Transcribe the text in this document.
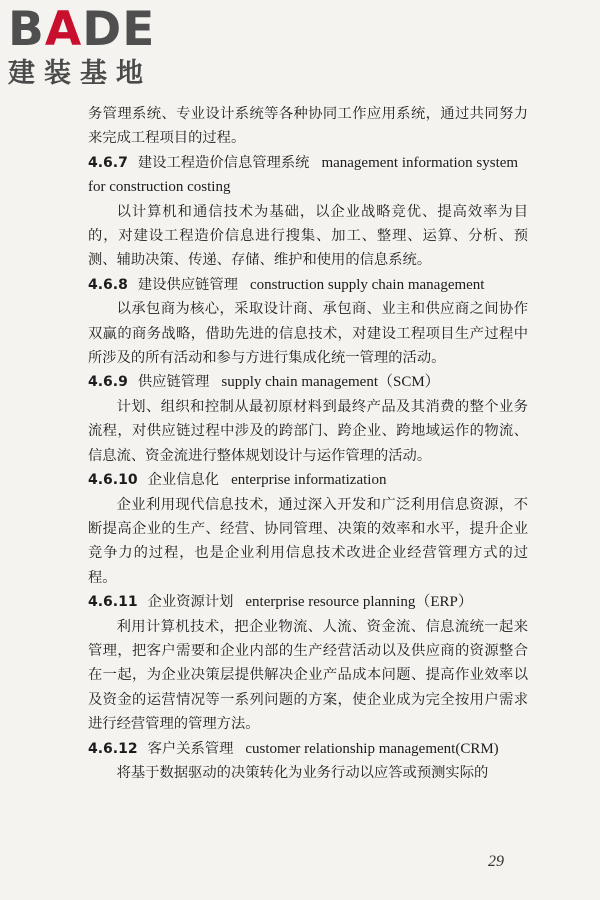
BADE
建装基地

务管理系统、专业设计系统等各种协同工作应用系统，通过共同努力来完成工程项目的过程。

4.6.7 建设工程造价信息管理系统 management information system for construction costing

以计算机和通信技术为基础，以企业战略竞优、提高效率为目的，对建设工程造价信息进行搜集、加工、整理、运算、分析、预测、辅助决策、传递、存储、维护和使用的信息系统。

4.6.8 建设供应链管理 construction supply chain management

以承包商为核心，采取设计商、承包商、业主和供应商之间协作双赢的商务战略，借助先进的信息技术，对建设工程项目生产过程中所涉及的所有活动和参与方进行集成化统一管理的活动。

4.6.9 供应链管理 supply chain management（SCM）

计划、组织和控制从最初原材料到最终产品及其消费的整个业务流程，对供应链过程中涉及的跨部门、跨企业、跨地域运作的物流、信息流、资金流进行整体规划设计与运作管理的活动。

4.6.10 企业信息化 enterprise informatization

企业利用现代信息技术，通过深入开发和广泛利用信息资源，不断提高企业的生产、经营、协同管理、决策的效率和水平，提升企业竞争力的过程，也是企业利用信息技术改进企业经营管理方式的过程。

4.6.11 企业资源计划 enterprise resource planning（ERP）

利用计算机技术，把企业物流、人流、资金流、信息流统一起来管理，把客户需要和企业内部的生产经营活动以及供应商的资源整合在一起，为企业决策层提供解决企业产品成本问题、提高作业效率以及资金的运营情况等一系列问题的方案，使企业成为完全按用户需求进行经营管理的管理方法。

4.6.12 客户关系管理 customer relationship management(CRM)

将基于数据驱动的决策转化为业务行动以应答或预测实际的

29
